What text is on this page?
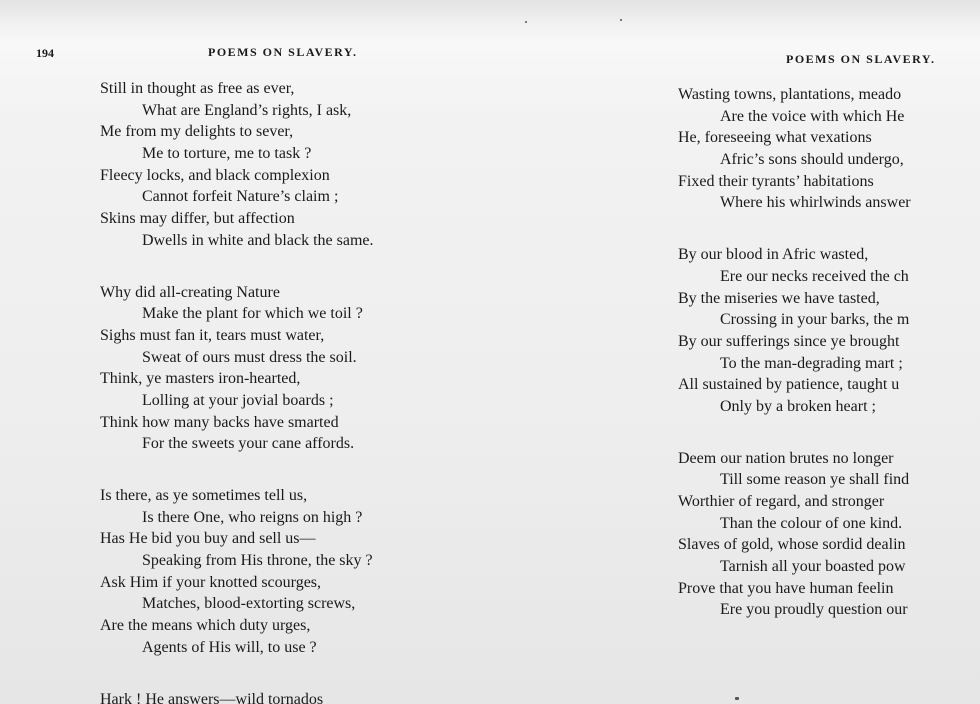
194	POEMS ON SLAVERY.
Still in thought as free as ever,
What are England’s rights, I ask,
Me from my delights to sever,
Me to torture, me to task ?
Fleecy locks, and black complexion
Cannot forfeit Nature’s claim ;
Skins may differ, but affection
Dwells in white and black the same.
Why did all-creating Nature
Make the plant for which we toil ?
Sighs must fan it, tears must water,
Sweat of ours must dress the soil.
Think, ye masters iron-hearted,
Lolling at your jovial boards ;
Think how many backs have smarted
For the sweets your cane affords.
Is there, as ye sometimes tell us,
Is there One, who reigns on high ?
Has He bid you buy and sell us—
Speaking from His throne, the sky ?
Ask Him if your knotted scourges,
Matches, blood-extorting screws,
Are the means which duty urges,
Agents of His will, to use ?
Hark ! He answers—wild tornados
POEMS ON SLAVERY.
Wasting towns, plantations, meado
Are the voice with which He
He, foreseeing what vexations
Afric’s sons should undergo,
Fixed their tyrants’ habitations
Where his whirlwinds answer
By our blood in Afric wasted,
Ere our necks received the ch
By the miseries we have tasted,
Crossing in your barks, the m
By our sufferings since ye brought
To the man-degrading mart ;
All sustained by patience, taught u
Only by a broken heart ;
Deem our nation brutes no longer
Till some reason ye shall find
Worthier of regard, and stronger
Than the colour of one kind.
Slaves of gold, whose sordid dealin
Tarnish all your boasted pow
Prove that you have human feelin
Ere you proudly question our
